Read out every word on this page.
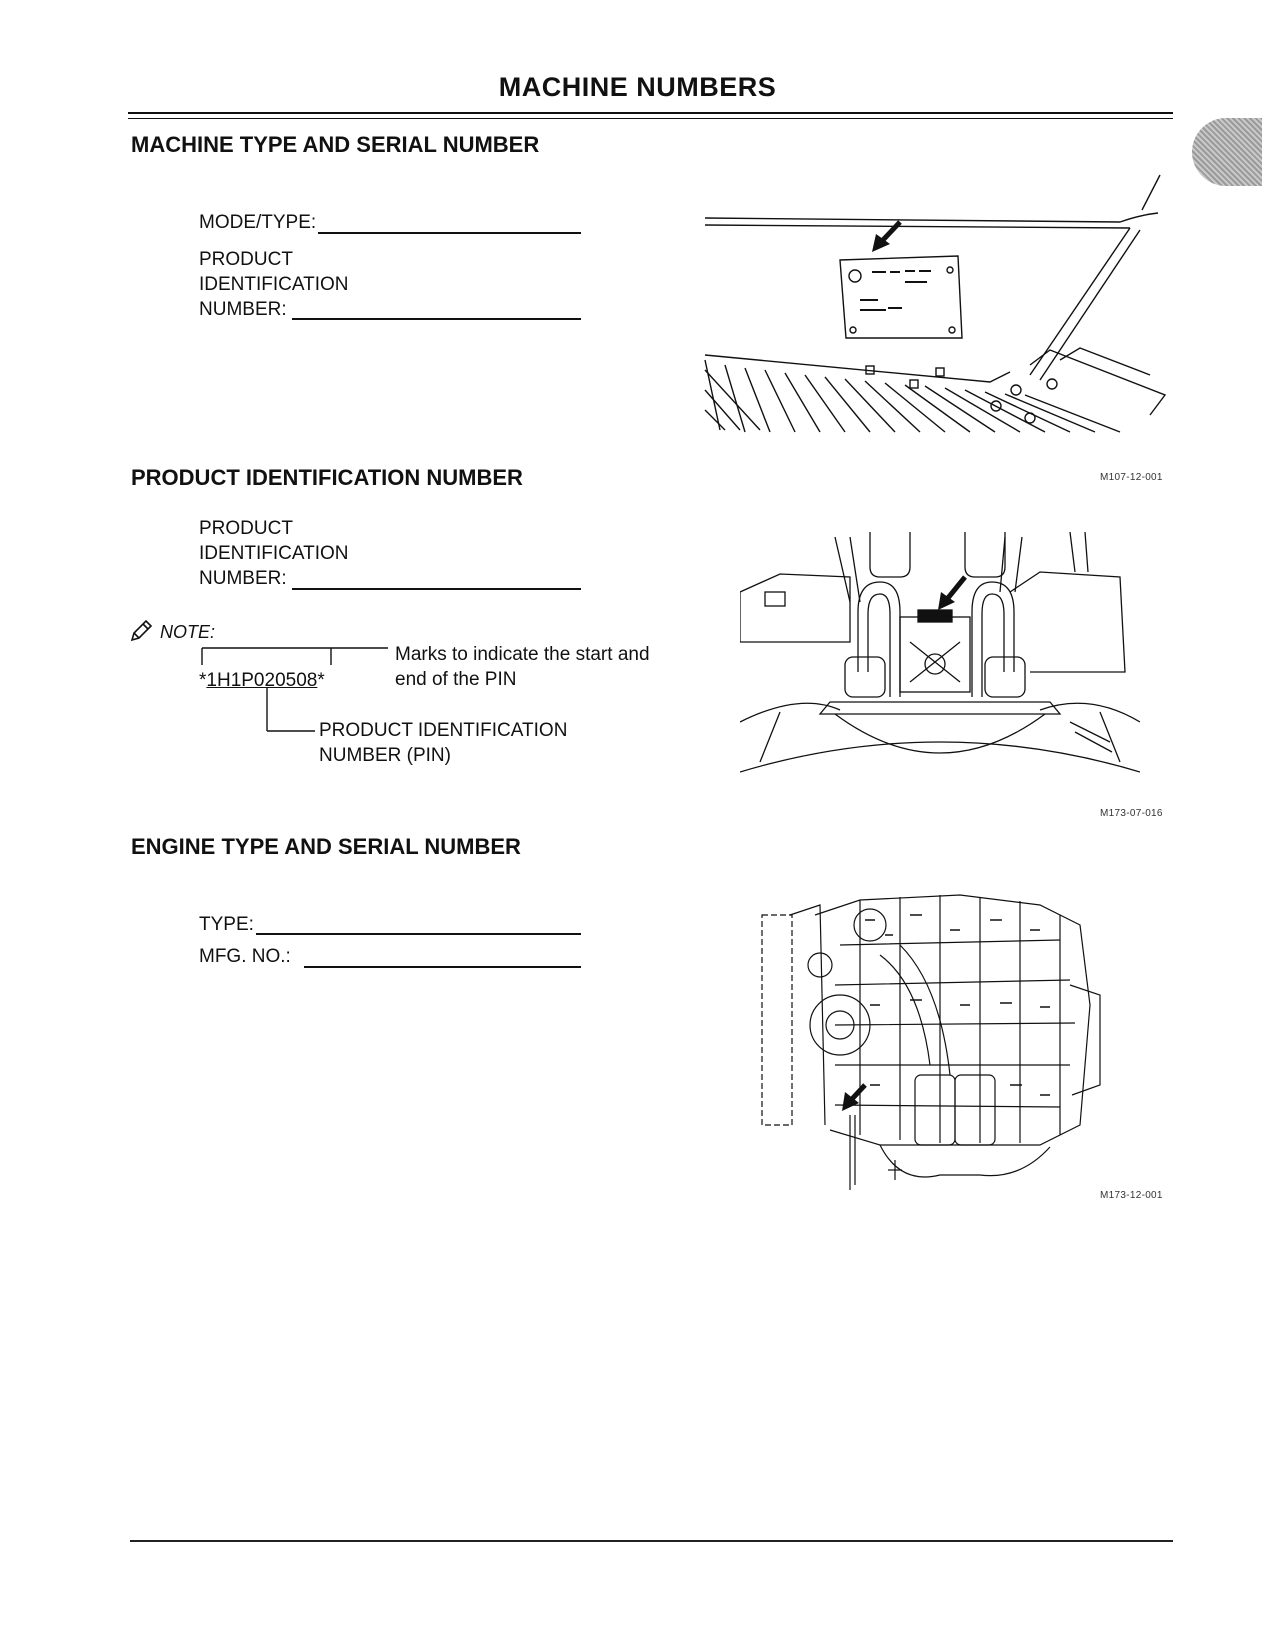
MACHINE NUMBERS
MACHINE TYPE AND SERIAL NUMBER
MODE/TYPE:
PRODUCT
IDENTIFICATION
NUMBER:
M107-12-001
PRODUCT IDENTIFICATION NUMBER
PRODUCT
IDENTIFICATION
NUMBER:
NOTE:
*1H1P020508*
Marks to indicate the start and
end of the PIN
PRODUCT IDENTIFICATION
NUMBER (PIN)
M173-07-016
ENGINE TYPE AND SERIAL NUMBER
TYPE:
MFG. NO.:
M173-12-001
